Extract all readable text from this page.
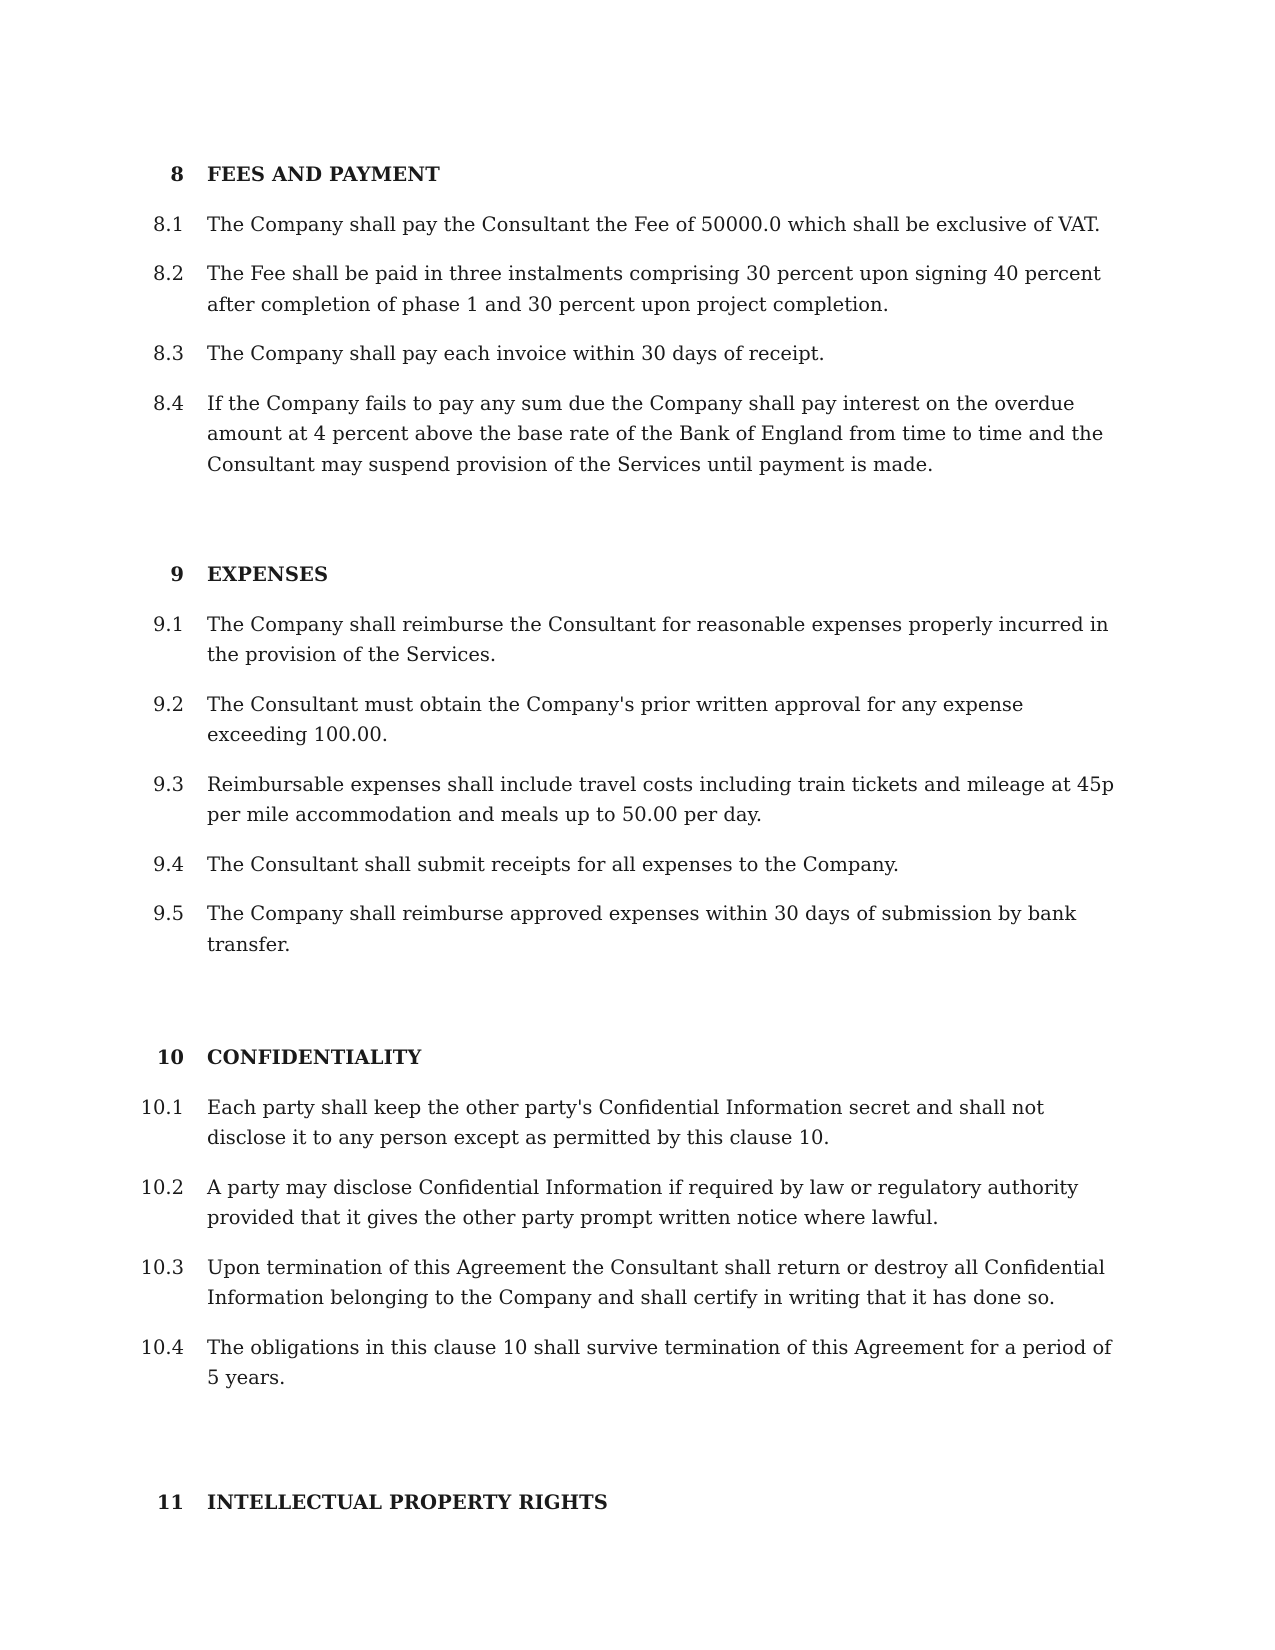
8 FEES AND PAYMENT
8.1 The Company shall pay the Consultant the Fee of 50000.0 which shall be exclusive of VAT.
8.2 The Fee shall be paid in three instalments comprising 30 percent upon signing 40 percent after completion of phase 1 and 30 percent upon project completion.
8.3 The Company shall pay each invoice within 30 days of receipt.
8.4 If the Company fails to pay any sum due the Company shall pay interest on the overdue amount at 4 percent above the base rate of the Bank of England from time to time and the Consultant may suspend provision of the Services until payment is made.
9 EXPENSES
9.1 The Company shall reimburse the Consultant for reasonable expenses properly incurred in the provision of the Services.
9.2 The Consultant must obtain the Company's prior written approval for any expense exceeding 100.00.
9.3 Reimbursable expenses shall include travel costs including train tickets and mileage at 45p per mile accommodation and meals up to 50.00 per day.
9.4 The Consultant shall submit receipts for all expenses to the Company.
9.5 The Company shall reimburse approved expenses within 30 days of submission by bank transfer.
10 CONFIDENTIALITY
10.1 Each party shall keep the other party's Confidential Information secret and shall not disclose it to any person except as permitted by this clause 10.
10.2 A party may disclose Confidential Information if required by law or regulatory authority provided that it gives the other party prompt written notice where lawful.
10.3 Upon termination of this Agreement the Consultant shall return or destroy all Confidential Information belonging to the Company and shall certify in writing that it has done so.
10.4 The obligations in this clause 10 shall survive termination of this Agreement for a period of 5 years.
11 INTELLECTUAL PROPERTY RIGHTS
